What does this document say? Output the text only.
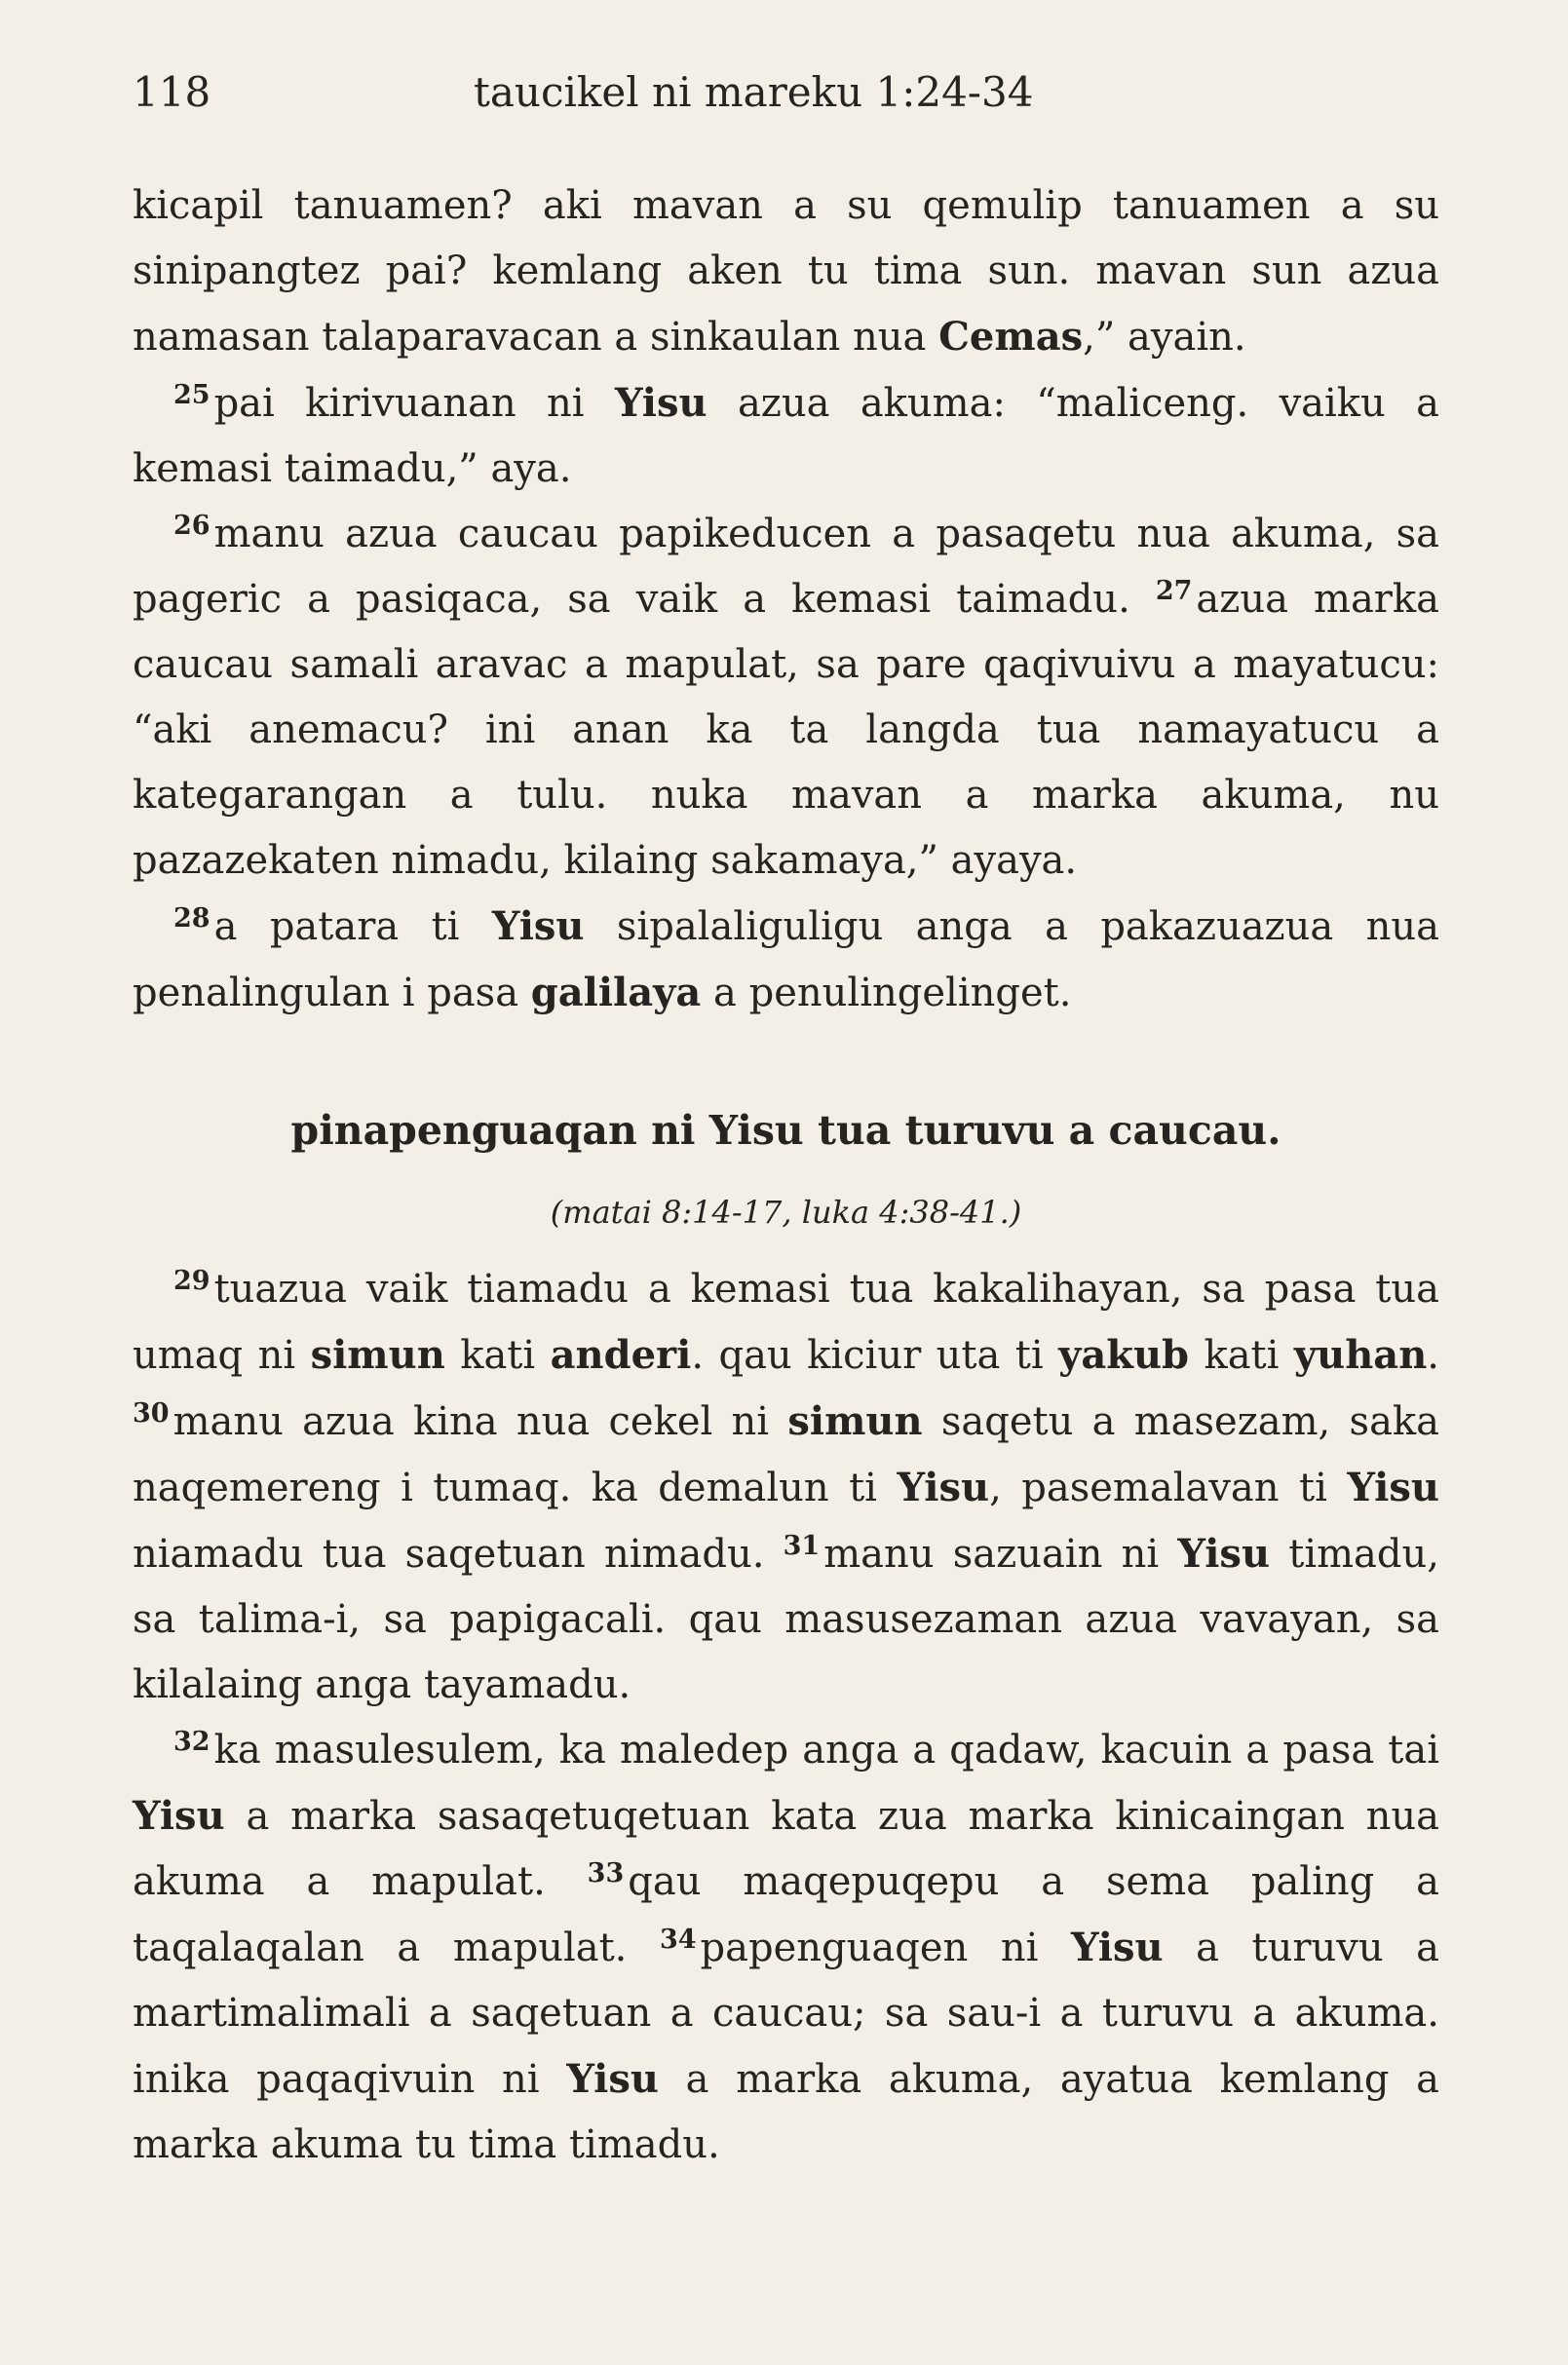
118	taucikel ni mareku 1:24-34

kicapil tanuamen? aki mavan a su qemulip tanuamen a su sinipangtez pai? kemlang aken tu tima sun. mavan sun azua namasan talaparavacan a sinkaulan nua Cemas,” ayain.

$^{25}$ pai kirivuanan ni Yisu azua akuma: “maliceng. vaiku a kemasi taimadu,” aya.

$^{26}$ manu azua caucau papikeducen a pasaqetu nua akuma, sa pageric a pasiqaca, sa vaik a kemasi taimadu. $^{27}$ azua marka caucau samali aravac a mapulat, sa pare qaqivuivu a mayatucu: “aki anemacu? ini anan ka ta langda tua namayatucu a kategarangan a tulu. nuka mavan a marka akuma, nu pazazekaten nimadu, kilaing sakamaya,” ayaya.

$^{28}$ a patara ti Yisu sipalaliguligu anga a pakazuazua nua penalingulan i pasa galilaya a penulingelinget.

pinapenguaqan ni Yisu tua turuvu a caucau.
(matai 8:14-17, luka 4:38-41.)

$^{29}$ tuazua vaik tiamadu a kemasi tua kakalihayan, sa pasa tua umaq ni simun kati anderi. qau kiciur uta ti yakub kati yuhan. $^{30}$ manu azua kina nua cekel ni simun saqetu a masezam, saka naqemereng i tumaq. ka demalun ti Yisu, pasemalavan ti Yisu niamadu tua saqetuan nimadu. $^{31}$ manu sazuain ni Yisu timadu, sa talima-i, sa papigacali. qau masusezaman azua vavayan, sa kilalaing anga tayamadu.

$^{32}$ ka masulesulem, ka maledep anga a qadaw, kacuin a pasa tai Yisu a marka sasaqetuqetuan kata zua marka kinicaingan nua akuma a mapulat. $^{33}$ qau maqepuqepu a sema paling a taqalaqalan a mapulat. $^{34}$ papenguaqen ni Yisu a turuvu a martimalimali a saqetuan a caucau; sa sau-i a turuvu a akuma. inika paqaqivuin ni Yisu a marka akuma, ayatua kemlang a marka akuma tu tima timadu.
